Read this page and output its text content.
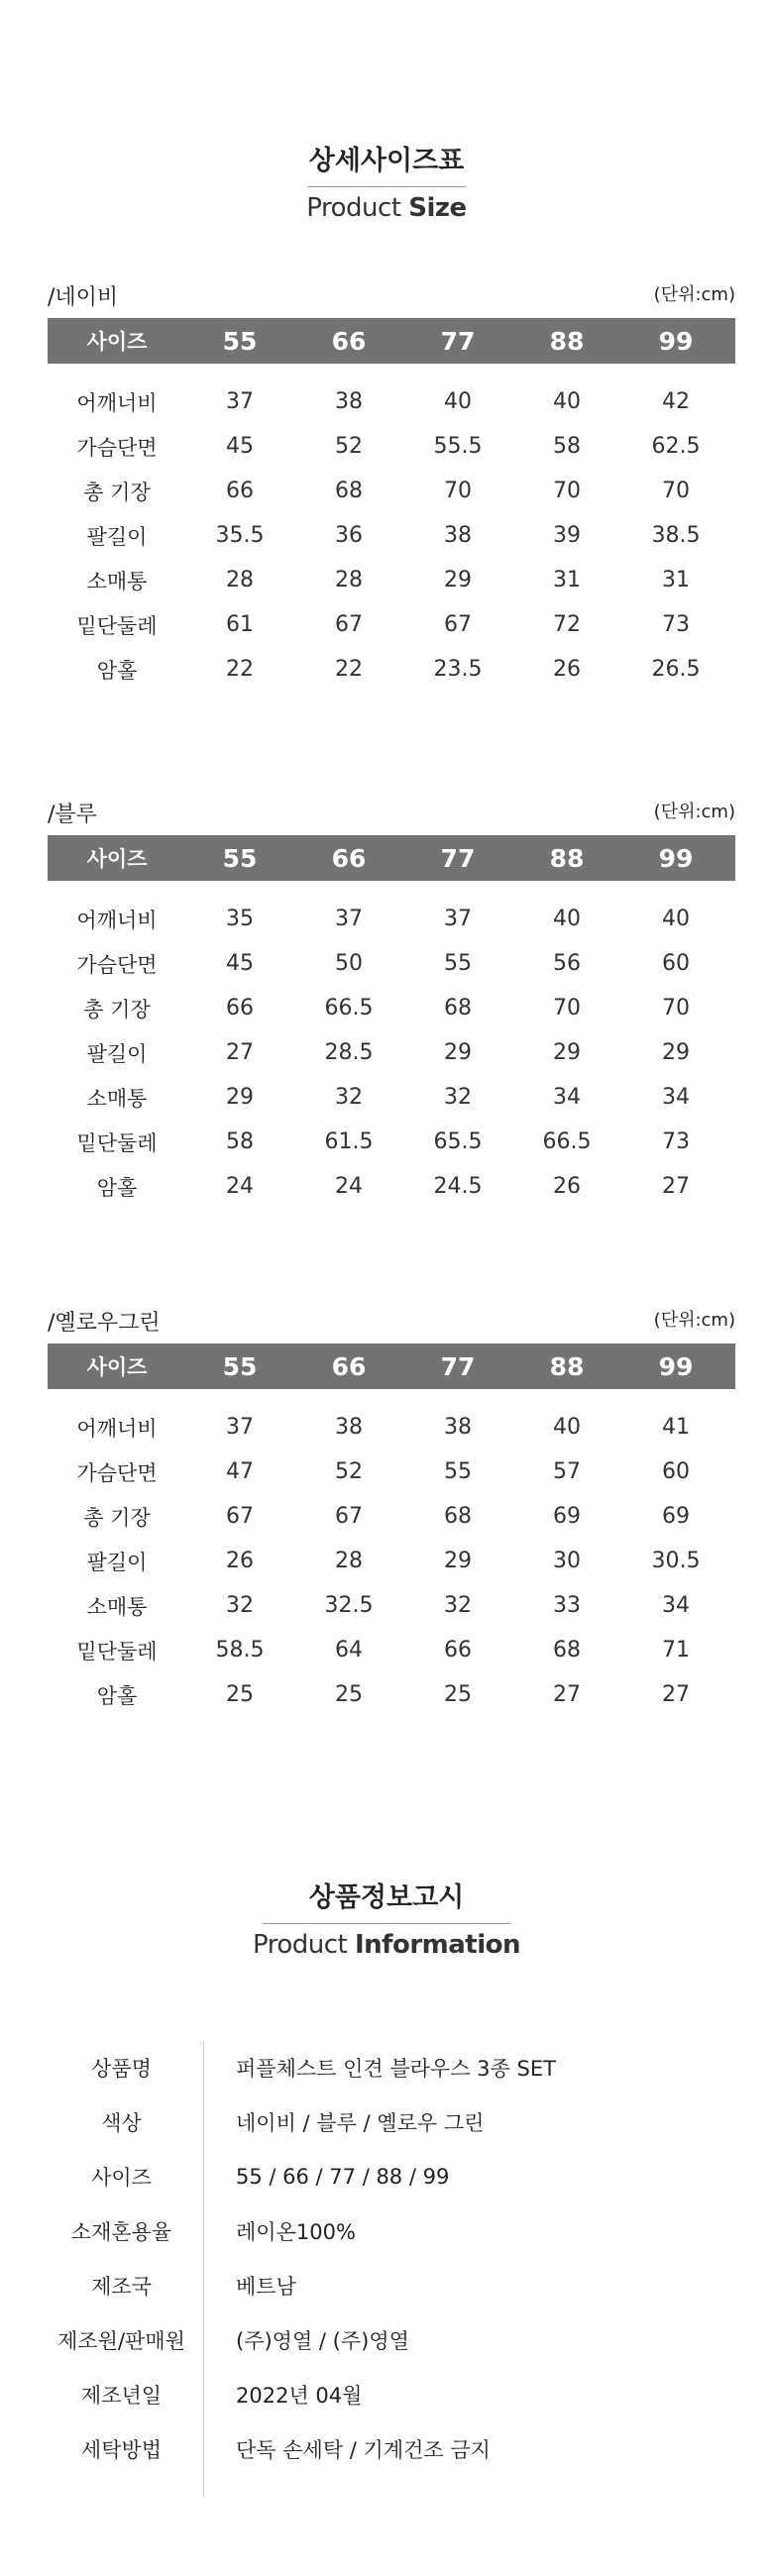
상세사이즈표
Product Size
/네이비	(단위:cm)
사이즈	55	66	77	88	99
어깨너비	37	38	40	40	42
가슴단면	45	52	55.5	58	62.5
총 기장	66	68	70	70	70
팔길이	35.5	36	38	39	38.5
소매통	28	28	29	31	31
밑단둘레	61	67	67	72	73
암홀	22	22	23.5	26	26.5
/블루	(단위:cm)
사이즈	55	66	77	88	99
어깨너비	35	37	37	40	40
가슴단면	45	50	55	56	60
총 기장	66	66.5	68	70	70
팔길이	27	28.5	29	29	29
소매통	29	32	32	34	34
밑단둘레	58	61.5	65.5	66.5	73
암홀	24	24	24.5	26	27
/옐로우그린	(단위:cm)
사이즈	55	66	77	88	99
어깨너비	37	38	38	40	41
가슴단면	47	52	55	57	60
총 기장	67	67	68	69	69
팔길이	26	28	29	30	30.5
소매통	32	32.5	32	33	34
밑단둘레	58.5	64	66	68	71
암홀	25	25	25	27	27
상품정보고시
Product Information
상품명	퍼플체스트 인견 블라우스 3종 SET
색상	네이비 / 블루 / 옐로우 그린
사이즈	55 / 66 / 77 / 88 / 99
소재혼용율	레이온100%
제조국	베트남
제조원/판매원	(주)영열 / (주)영열
제조년일	2022년 04월
세탁방법	단독 손세탁 / 기계건조 금지
